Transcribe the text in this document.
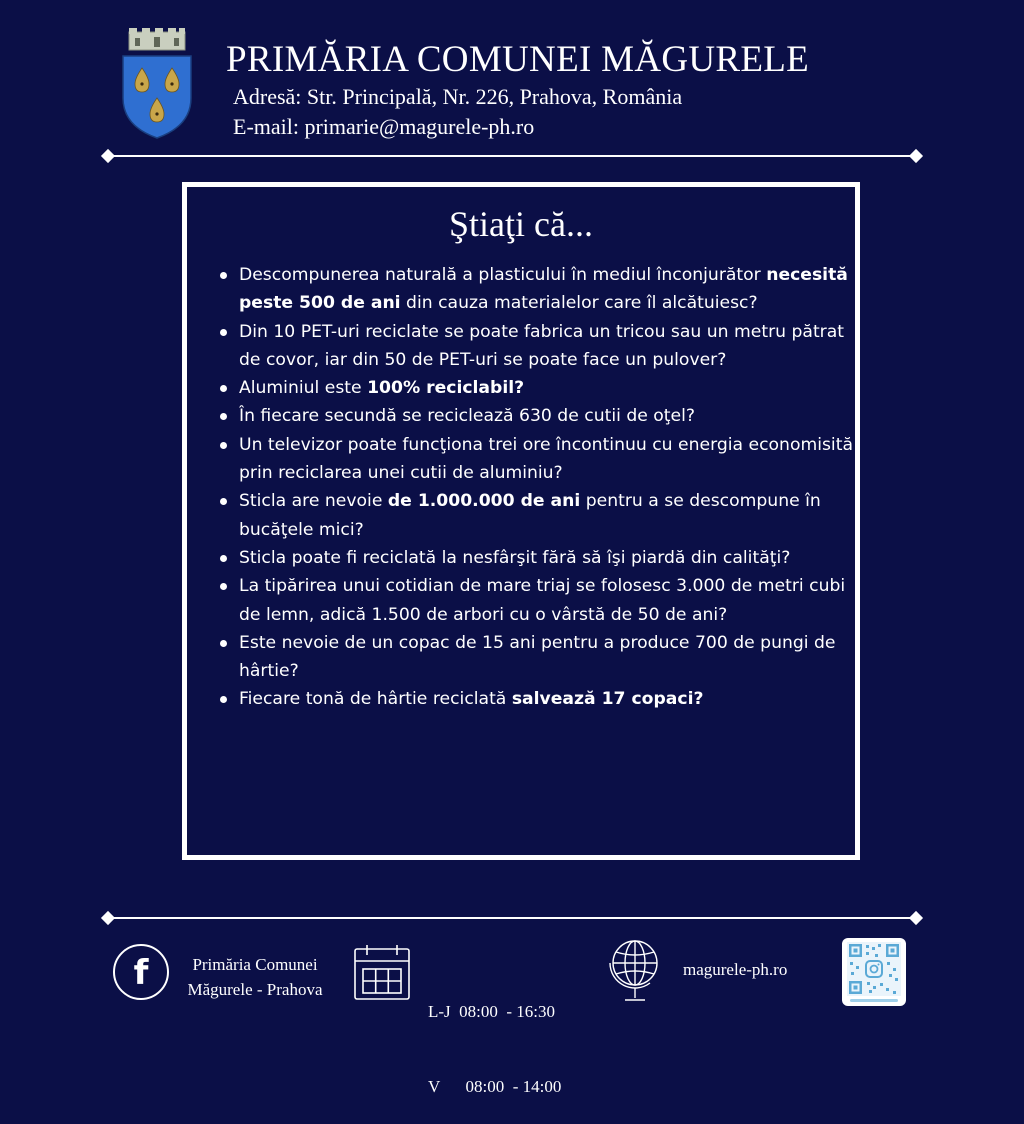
PRIMĂRIA COMUNEI MĂGURELE
Adresă: Str. Principală, Nr. 226, Prahova, România
E-mail: primarie@magurele-ph.ro
Ştiaţi că...
Descompunerea naturală a plasticului în mediul înconjurător necesită peste 500 de ani din cauza materialelor care îl alcătuiesc?
Din 10 PET-uri reciclate se poate fabrica un tricou sau un metru pătrat de covor, iar din 50 de PET-uri se poate face un pulover?
Aluminiul este 100% reciclabil?
În fiecare secundă se reciclează 630 de cutii de oţel?
Un televizor poate funcţiona trei ore încontinuu cu energia economisită prin reciclarea unei cutii de aluminiu?
Sticla are nevoie de 1.000.000 de ani pentru a se descompune în bucăţele mici?
Sticla poate fi reciclată la nesfârşit fără să îşi piardă din calităţi?
La tipărirea unui cotidian de mare triaj se folosesc 3.000 de metri cubi de lemn, adică 1.500 de arbori cu o vârstă de 50 de ani?
Este nevoie de un copac de 15 ani pentru a produce 700 de pungi de hârtie?
Fiecare tonă de hârtie reciclată salvează 17 copaci?
f	Primăria Comunei
Măgurele - Prahova

L-J 08:00  - 16:30

V 08:00  - 14:00

magurele-ph.ro
